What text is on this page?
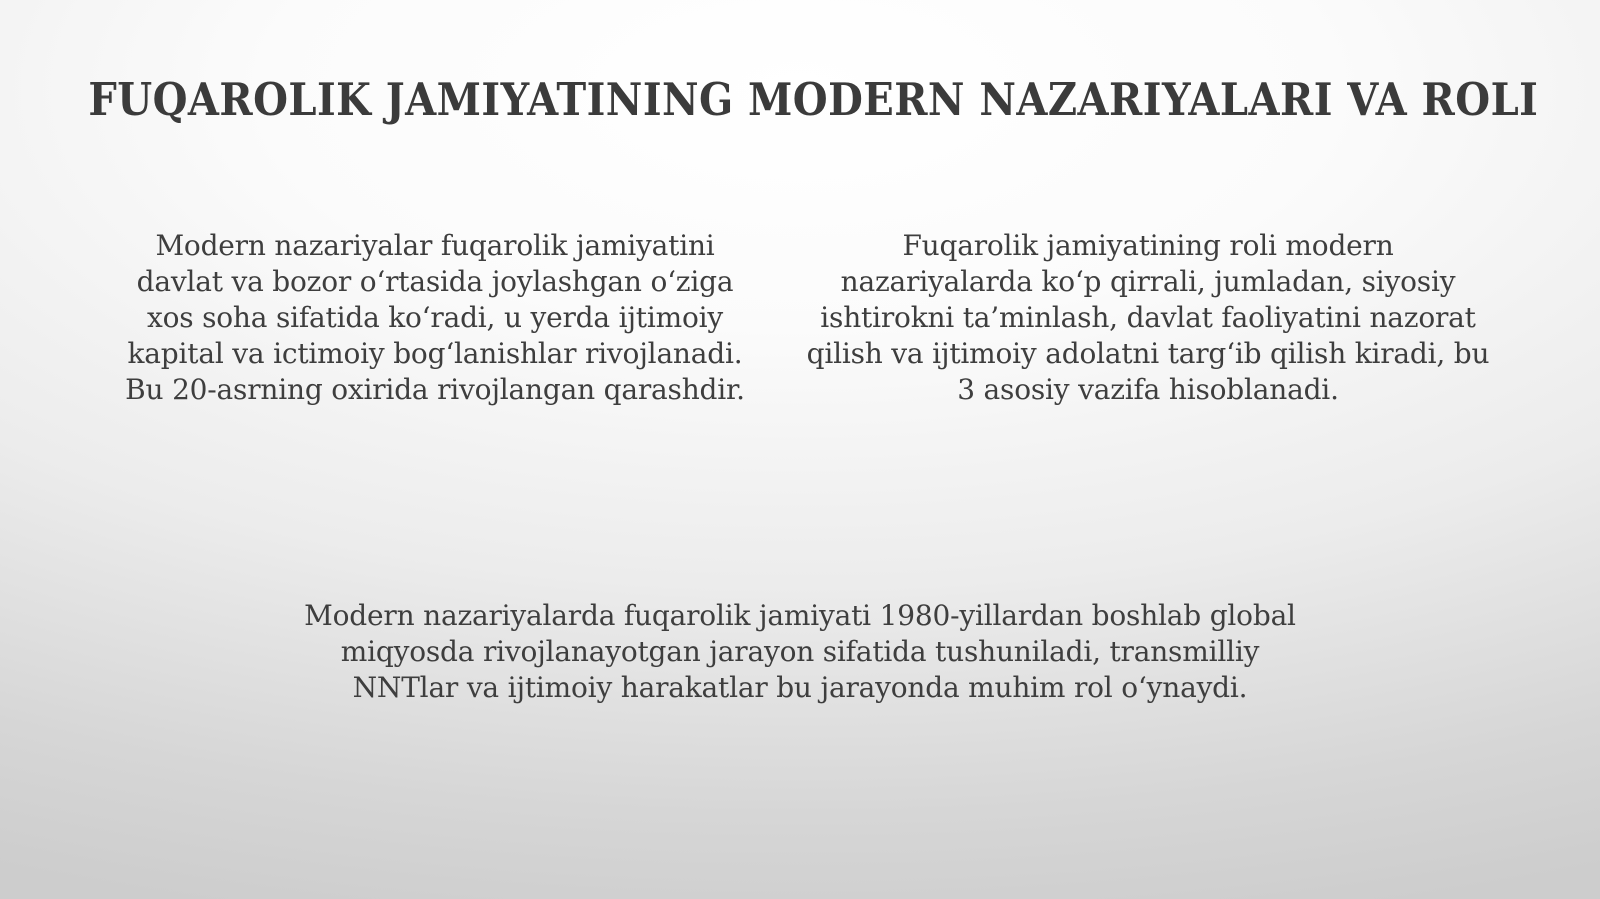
FUQAROLIK JAMIYATINING MODERN NAZARIYALARI VA ROLI
Modern nazariyalar fuqarolik jamiyatini
davlat va bozor o‘rtasida joylashgan o‘ziga
xos soha sifatida ko‘radi, u yerda ijtimoiy
kapital va ictimoiy bog‘lanishlar rivojlanadi.
Bu 20-asrning oxirida rivojlangan qarashdir.
Fuqarolik jamiyatining roli modern
nazariyalarda ko‘p qirrali, jumladan, siyosiy
ishtirokni ta’minlash, davlat faoliyatini nazorat
qilish va ijtimoiy adolatni targ‘ib qilish kiradi, bu
3 asosiy vazifa hisoblanadi.
Modern nazariyalarda fuqarolik jamiyati 1980-yillardan boshlab global
miqyosda rivojlanayotgan jarayon sifatida tushuniladi, transmilliy
NNTlar va ijtimoiy harakatlar bu jarayonda muhim rol o‘ynaydi.
